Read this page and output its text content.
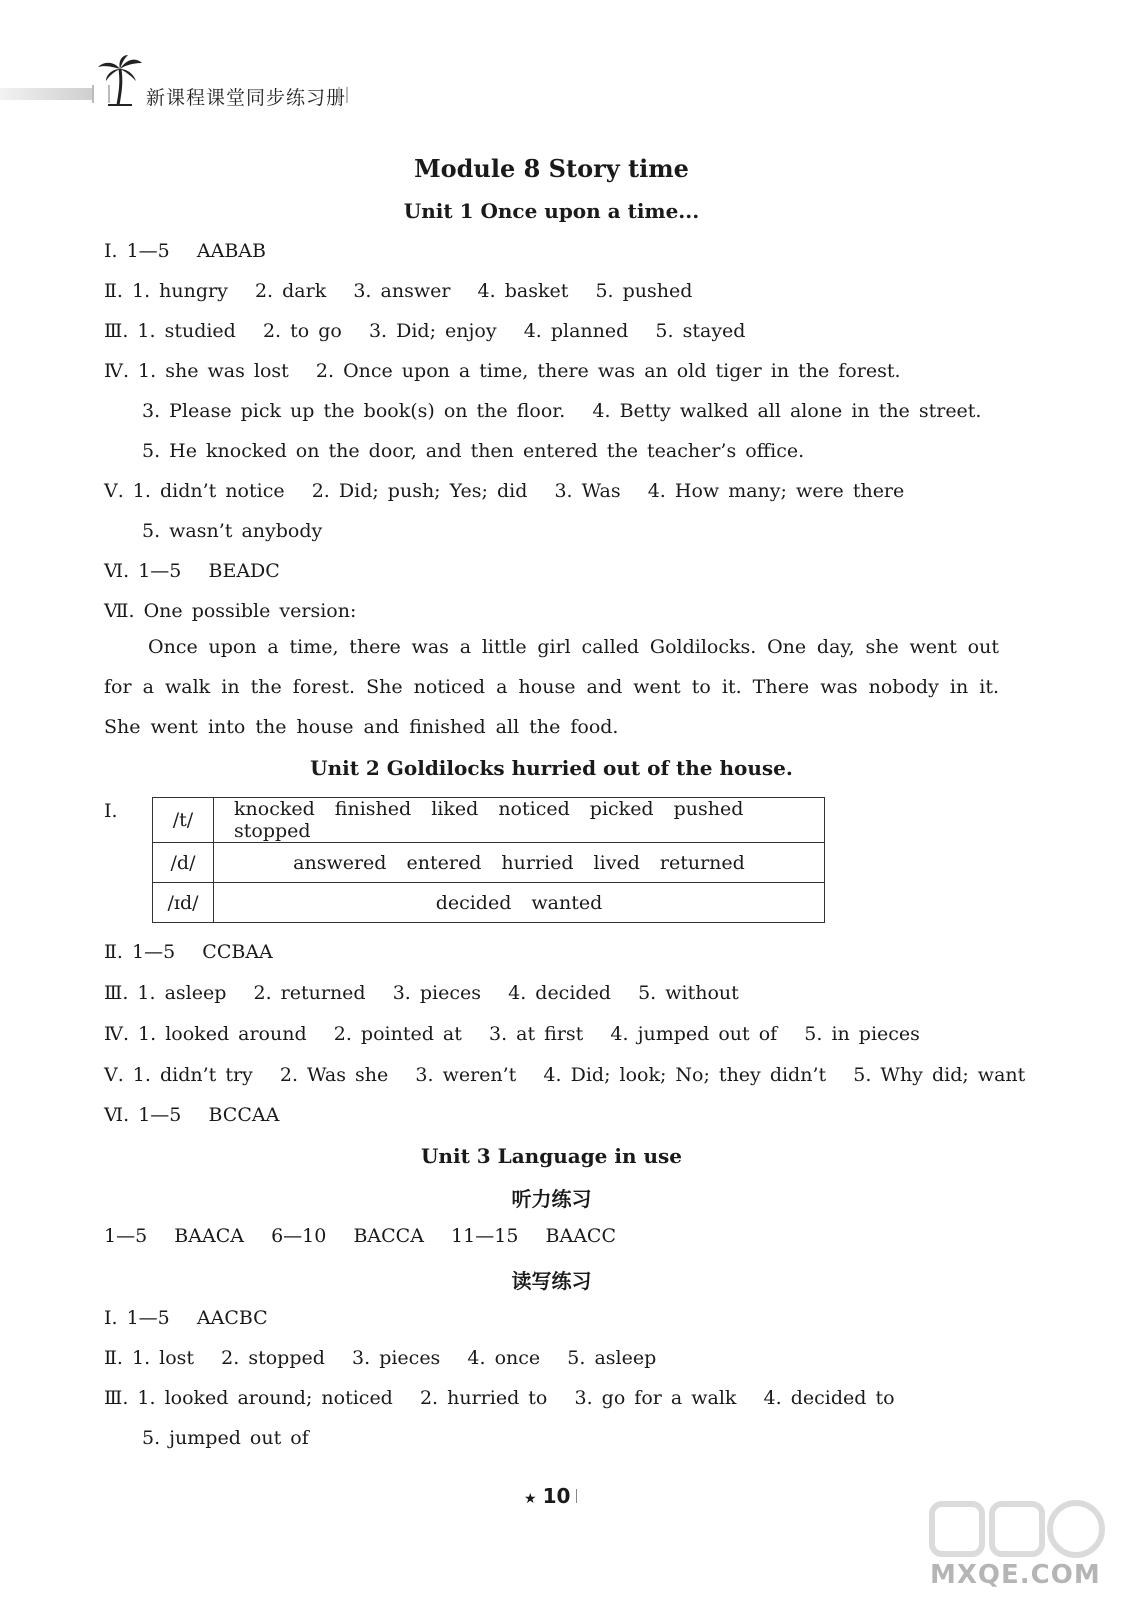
新课程课堂同步练习册
Module 8 Story time
Unit 1 Once upon a time...
Ⅰ. 1—5   AABAB
Ⅱ. 1. hungry   2. dark   3. answer   4. basket   5. pushed
Ⅲ. 1. studied   2. to go   3. Did; enjoy   4. planned   5. stayed
Ⅳ. 1. she was lost   2. Once upon a time, there was an old tiger in the forest.
3. Please pick up the book(s) on the floor.   4. Betty walked all alone in the street.
5. He knocked on the door, and then entered the teacher’s office.
Ⅴ. 1. didn’t notice   2. Did; push; Yes; did   3. Was   4. How many; were there
5. wasn’t anybody
Ⅵ. 1—5   BEADC
Ⅶ. One possible version:
Once upon a time, there was a little girl called Goldilocks. One day, she went out for a walk in the forest. She noticed a house and went to it. There was nobody in it. She went into the house and finished all the food.
Unit 2 Goldilocks hurried out of the house.
Ⅰ.	/t/	knocked finished liked noticed picked pushed stopped
/d/	answered entered hurried lived returned
/ɪd/	decided wanted
Ⅱ. 1—5   CCBAA
Ⅲ. 1. asleep   2. returned   3. pieces   4. decided   5. without
Ⅳ. 1. looked around   2. pointed at   3. at first   4. jumped out of   5. in pieces
Ⅴ. 1. didn’t try   2. Was she   3. weren’t   4. Did; look; No; they didn’t   5. Why did; want
Ⅵ. 1—5   BCCAA
Unit 3 Language in use
听力练习
1—5   BAACA   6—10   BACCA   11—15   BAACC
读写练习
Ⅰ. 1—5   AACBC
Ⅱ. 1. lost   2. stopped   3. pieces   4. once   5. asleep
Ⅲ. 1. looked around; noticed   2. hurried to   3. go for a walk   4. decided to
5. jumped out of
★ 10
MXQE.COM
